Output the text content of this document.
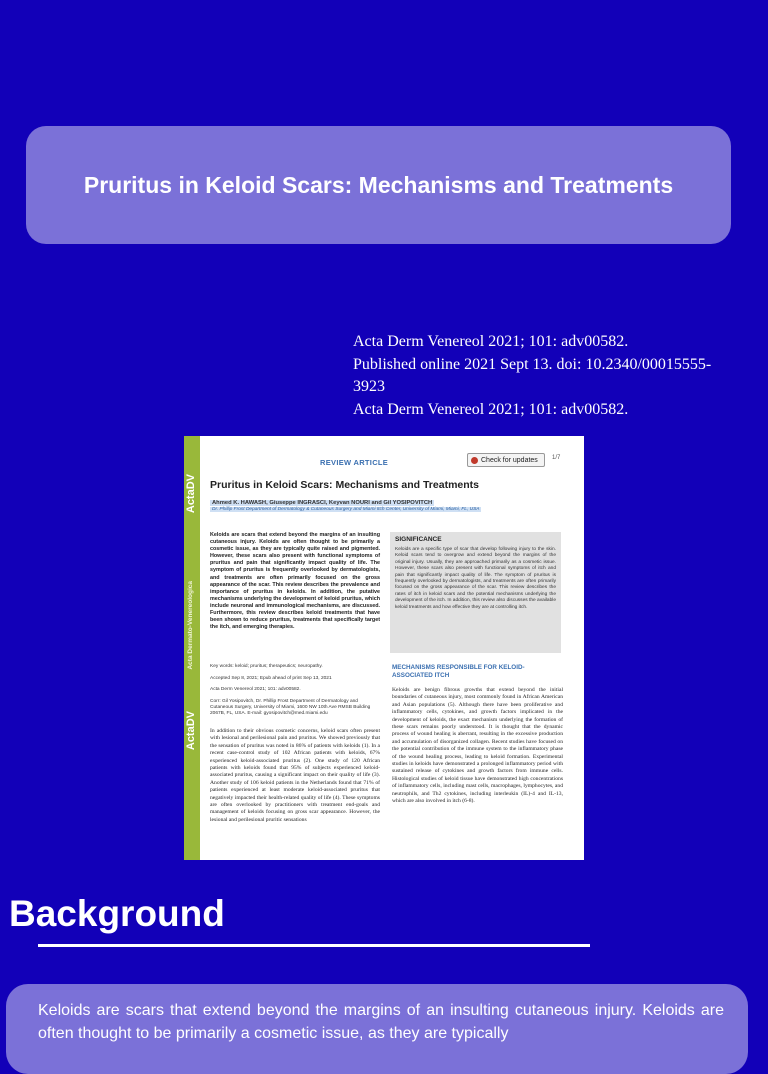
Pruritus in Keloid Scars: Mechanisms and Treatments
Acta Derm Venereol 2021; 101: adv00582.
Published online 2021 Sept 13. doi: 10.2340/00015555-
3923
Acta Derm Venereol 2021; 101: adv00582.
ActaDV
Acta Dermato-Venereologica
ActaDV
REVIEW ARTICLE	Check for updates 1/7
Pruritus in Keloid Scars: Mechanisms and Treatments
Ahmed K. HAWASH, Giuseppe INGRASCI, Keyvan NOURI and Gil YOSIPOVITCH
Dr. Phillip Frost Department of Dermatology & Cutaneous Surgery and Miami Itch Center, University of Miami, Miami, FL, USA
Keloids are scars that extend beyond the margins of an insulting cutaneous injury. Keloids are often thought to be primarily a cosmetic issue, as they are typically quite raised and pigmented. However, these scars also present with functional symptoms of pruritus and pain that significantly impact quality of life. The symptom of pruritus is frequently overlooked by dermatologists, and treatments are often primarily focused on the gross appearance of the scar. This review describes the prevalence and importance of pruritus in keloids. In addition, the putative mechanisms underlying the development of keloid pruritus, which include neuronal and immunological mechanisms, are discussed. Furthermore, this review describes keloid treatments that have been shown to reduce pruritus, treatments that specifically target the itch, and emerging therapies.
Key words: keloid; pruritus; therapeutics; neuropathy.
Accepted Sep 8, 2021; Epub ahead of print Sep 13, 2021
Acta Derm Venereol 2021; 101: adv00582.
Corr: Gil Yosipovitch, Dr. Phillip Frost Department of Dermatology and Cutaneous Surgery, University of Miami, 1600 NW 10th Ave RMSB Building 2067B, FL, USA. E-mail: gyosipovitch@med.miami.edu
In addition to their obvious cosmetic concerns, keloid scars often present with lesional and perilesional pain and pruritus. We showed previously that the sensation of pruritus was noted in 86% of patients with keloids (1). In a recent case-control study of 102 African patients with keloids, 67% experienced keloid-associated pruritus (2). One study of 120 African patients with keloids found that 95% of subjects experienced keloid-associated pruritus, causing a significant impact on their quality of life (3). Another study of 106 keloid patients in the Netherlands found that 71% of patients experienced at least moderate keloid-associated pruritus that negatively impacted their health-related quality of life (4). These symptoms are often overlooked by practitioners with treatment end-goals and management of keloids focusing on gross scar appearance. However, the lesional and perilesional pruritic sensations
SIGNIFICANCE
Keloids are a specific type of scar that develop following injury to the skin. Keloid scars tend to overgrow and extend beyond the margins of the original injury. Usually, they are approached primarily as a cosmetic issue. However, these scars also present with functional symptoms of itch and pain that significantly impact quality of life. The symptom of pruritus is frequently overlooked by dermatologists, and treatments are often primarily focused on the gross appearance of the scar. This review describes the rates of itch in keloid scars and the potential mechanisms underlying the development of the itch. In addition, this review also discusses the available keloid treatments and how effective they are at controlling itch.
MECHANISMS RESPONSIBLE FOR KELOID-ASSOCIATED ITCH
Keloids are benign fibrous growths that extend beyond the initial boundaries of cutaneous injury, most commonly found in African American and Asian populations (5). Although there have been proliferative and inflammatory cells, cytokines, and growth factors implicated in the development of keloids, the exact mechanism underlying the formation of these scars remains poorly understood. It is thought that the dynamic process of wound healing is aberrant, resulting in the excessive production and accumulation of disorganized collagen. Recent studies have focused on the potential contribution of the immune system to the inflammatory phase of the wound healing process, leading to keloid formation. Experimental studies in keloids have demonstrated a prolonged inflammatory period with sustained release of cytokines and growth factors from immune cells. Histological studies of keloid tissue have demonstrated high concentrations of inflammatory cells, including mast cells, macrophages, lymphocytes, and neutrophils, and Th2 cytokines, including interleukin (IL)-4 and IL-13, which are also involved in itch (6-8).
Background

Keloids are scars that extend beyond the margins of an insulting cutaneous injury. Keloids are often thought to be primarily a cosmetic issue, as they are typically
